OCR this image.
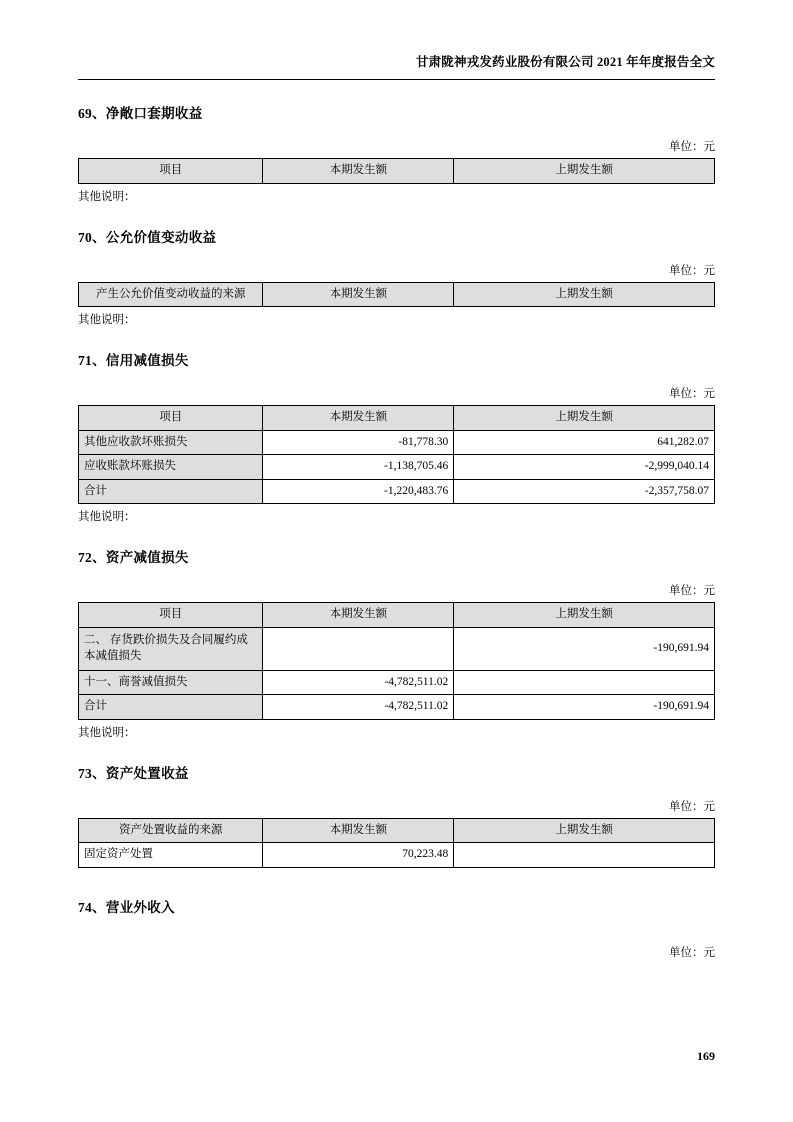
甘肃陇神戎发药业股份有限公司 2021 年年度报告全文
69、净敞口套期收益
单位：元
项目	本期发生额	上期发生额
其他说明：
70、公允价值变动收益
单位：元
产生公允价值变动收益的来源	本期发生额	上期发生额
其他说明：
71、信用减值损失
单位：元
项目	本期发生额	上期发生额
其他应收款坏账损失	-81,778.30	641,282.07
应收账款坏账损失	-1,138,705.46	-2,999,040.14
合计	-1,220,483.76	-2,357,758.07
其他说明：
72、资产减值损失
单位：元
项目	本期发生额	上期发生额
二、 存货跌价损失及合同履约成本减值损失		-190,691.94
十一、商誉减值损失	-4,782,511.02	
合计	-4,782,511.02	-190,691.94
其他说明：
73、资产处置收益
单位：元
资产处置收益的来源	本期发生额	上期发生额
固定资产处置	70,223.48	
74、营业外收入
单位：元
169
